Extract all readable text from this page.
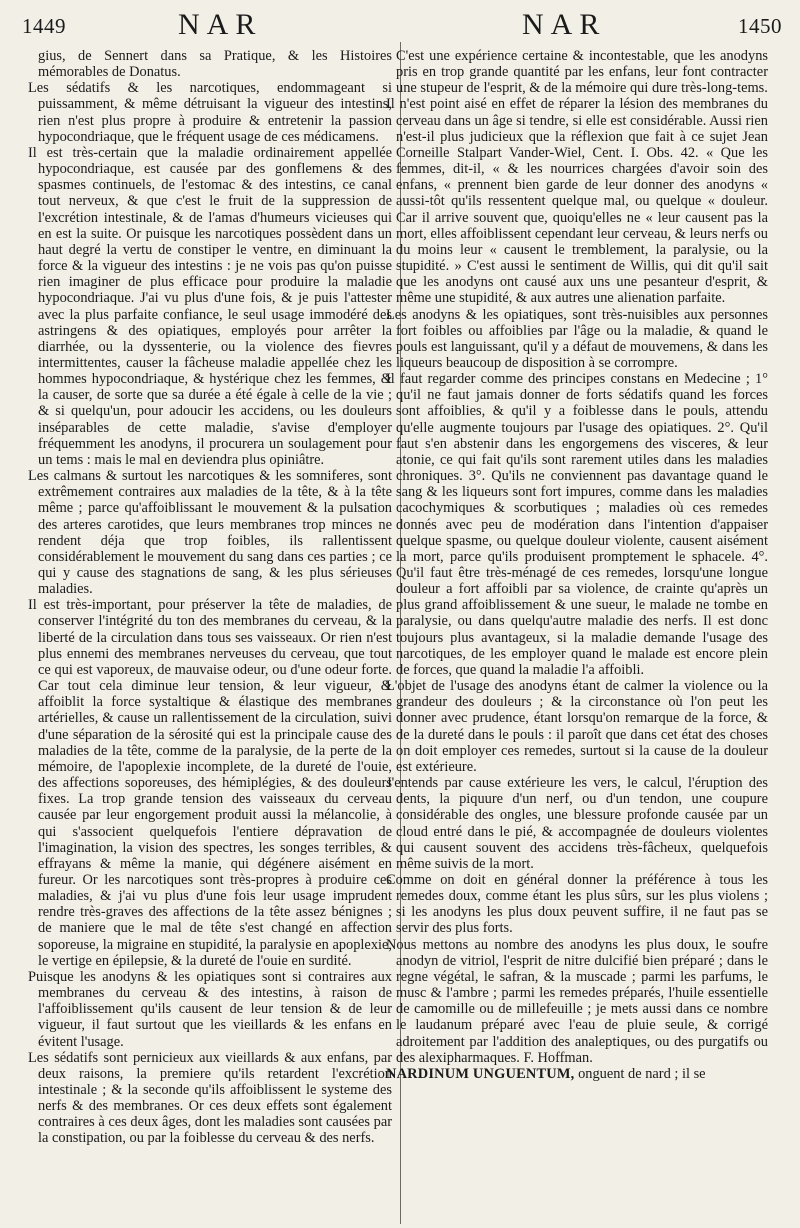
1449	NAR	NAR	1450

gius, de Sennert dans sa Pratique, & les Histoires mémorables de Donatus.

Les sédatifs & les narcotiques, endommageant si puissamment, & même détruisant la vigueur des intestins, rien n'est plus propre à produire & entretenir la passion hypocondriaque, que le fréquent usage de ces médicamens.

Il est très-certain que la maladie ordinairement appellée hypocondriaque, est causée par des gonflemens & des spasmes continuels, de l'estomac & des intestins, ce canal tout nerveux, & que c'est le fruit de la suppression de l'excrétion intestinale, & de l'amas d'humeurs vicieuses qui en est la suite. Or puisque les narcotiques possèdent dans un haut degré la vertu de constiper le ventre, en diminuant la force & la vigueur des intestins : je ne vois pas qu'on puisse rien imaginer de plus efficace pour produire la maladie hypocondriaque. J'ai vu plus d'une fois, & je puis l'attester avec la plus parfaite confiance, le seul usage immodéré des astringens & des opiatiques, employés pour arrêter la diarrhée, ou la dyssenterie, ou la violence des fievres intermittentes, causer la fâcheuse maladie appellée chez les hommes hypocondriaque, & hystérique chez les femmes, & la causer, de sorte que sa durée a été égale à celle de la vie ; & si quelqu'un, pour adoucir les accidens, ou les douleurs inséparables de cette maladie, s'avise d'employer fréquemment les anodyns, il procurera un soulagement pour un tems : mais le mal en deviendra plus opiniâtre.

Les calmans & surtout les narcotiques & les somniferes, sont extrêmement contraires aux maladies de la tête, & à la tête même ; parce qu'affoiblissant le mouvement & la pulsation des arteres carotides, que leurs membranes trop minces ne rendent déja que trop foibles, ils rallentissent considérablement le mouvement du sang dans ces parties ; ce qui y cause des stagnations de sang, & les plus sérieuses maladies.

Il est très-important, pour préserver la tête de maladies, de conserver l'intégrité du ton des membranes du cerveau, & la liberté de la circulation dans tous ses vaisseaux. Or rien n'est plus ennemi des membranes nerveuses du cerveau, que tout ce qui est vaporeux, de mauvaise odeur, ou d'une odeur forte. Car tout cela diminue leur tension, & leur vigueur, & affoiblit la force systaltique & élastique des membranes artérielles, & cause un rallentissement de la circulation, suivi d'une séparation de la sérosité qui est la principale cause des maladies de la tête, comme de la paralysie, de la perte de la mémoire, de l'apoplexie incomplete, de la dureté de l'ouie, des affections soporeuses, des hémiplégies, & des douleurs fixes. La trop grande tension des vaisseaux du cerveau causée par leur engorgement produit aussi la mélancolie, à qui s'associent quelquefois l'entiere dépravation de l'imagination, la vision des spectres, les songes terribles, & effrayans & même la manie, qui dégénere aisément en fureur. Or les narcotiques sont très-propres à produire ces maladies, & j'ai vu plus d'une fois leur usage imprudent rendre très-graves des affections de la tête assez bénignes ; de maniere que le mal de tête s'est changé en affection soporeuse, la migraine en stupidité, la paralysie en apoplexie, le vertige en épilepsie, & la dureté de l'ouie en surdité.

Puisque les anodyns & les opiatiques sont si contraires aux membranes du cerveau & des intestins, à raison de l'affoiblissement qu'ils causent de leur tension & de leur vigueur, il faut surtout que les vieillards & les enfans en évitent l'usage.

Les sédatifs sont pernicieux aux vieillards & aux enfans, par deux raisons, la premiere qu'ils retardent l'excrétion intestinale ; & la seconde qu'ils affoiblissent le systeme des nerfs & des membranes. Or ces deux effets sont également contraires à ces deux âges, dont les maladies sont causées par la constipation, ou par la foiblesse du cerveau & des nerfs.

C'est une expérience certaine & incontestable, que les anodyns pris en trop grande quantité par les enfans, leur font contracter une stupeur de l'esprit, & de la mémoire qui dure très-long-tems.

Il n'est point aisé en effet de réparer la lésion des membranes du cerveau dans un âge si tendre, si elle est considérable. Aussi rien n'est-il plus judicieux que la réflexion que fait à ce sujet Jean Corneille Stalpart Vander-Wiel, Cent. I. Obs. 42. « Que les femmes, dit-il, « & les nourrices chargées d'avoir soin des enfans, « prennent bien garde de leur donner des anodyns « aussi-tôt qu'ils ressentent quelque mal, ou quelque « douleur. Car il arrive souvent que, quoiqu'elles ne « leur causent pas la mort, elles affoiblissent cependant leur cerveau, & leurs nerfs ou du moins leur « causent le tremblement, la paralysie, ou la stupidité. » C'est aussi le sentiment de Willis, qui dit qu'il sait que les anodyns ont causé aux uns une pesanteur d'esprit, & même une stupidité, & aux autres une alienation parfaite.

Les anodyns & les opiatiques, sont très-nuisibles aux personnes fort foibles ou affoiblies par l'âge ou la maladie, & quand le pouls est languissant, qu'il y a défaut de mouvemens, & dans les liqueurs beaucoup de disposition à se corrompre.

Il faut regarder comme des principes constans en Medecine ; 1° qu'il ne faut jamais donner de forts sédatifs quand les forces sont affoiblies, & qu'il y a foiblesse dans le pouls, attendu qu'elle augmente toujours par l'usage des opiatiques. 2°. Qu'il faut s'en abstenir dans les engorgemens des visceres, & leur atonie, ce qui fait qu'ils sont rarement utiles dans les maladies chroniques. 3°. Qu'ils ne conviennent pas davantage quand le sang & les liqueurs sont fort impures, comme dans les maladies cacochymiques & scorbutiques ; maladies où ces remedes donnés avec peu de modération dans l'intention d'appaiser quelque spasme, ou quelque douleur violente, causent aisément la mort, parce qu'ils produisent promptement le sphacele. 4°. Qu'il faut être très-ménagé de ces remedes, lorsqu'une longue douleur a fort affoibli par sa violence, de crainte qu'après un plus grand affoiblissement & une sueur, le malade ne tombe en paralysie, ou dans quelqu'autre maladie des nerfs. Il est donc toujours plus avantageux, si la maladie demande l'usage des narcotiques, de les employer quand le malade est encore plein de forces, que quand la maladie l'a affoibli.

L'objet de l'usage des anodyns étant de calmer la violence ou la grandeur des douleurs ; & la circonstance où l'on peut les donner avec prudence, étant lorsqu'on remarque de la force, & de la dureté dans le pouls : il paroît que dans cet état des choses on doit employer ces remedes, surtout si la cause de la douleur est extérieure.

J'entends par cause extérieure les vers, le calcul, l'éruption des dents, la piquure d'un nerf, ou d'un tendon, une coupure considérable des ongles, une blessure profonde causée par un cloud entré dans le pié, & accompagnée de douleurs violentes qui causent souvent des accidens très-fâcheux, quelquefois même suivis de la mort.

Comme on doit en général donner la préférence à tous les remedes doux, comme étant les plus sûrs, sur les plus violens ; si les anodyns les plus doux peuvent suffire, il ne faut pas se servir des plus forts.

Nous mettons au nombre des anodyns les plus doux, le soufre anodyn de vitriol, l'esprit de nitre dulcifié bien préparé ; dans le regne végétal, le safran, & la muscade ; parmi les parfums, le musc & l'ambre ; parmi les remedes préparés, l'huile essentielle de camomille ou de millefeuille ; je mets aussi dans ce nombre le laudanum préparé avec l'eau de pluie seule, & corrigé adroitement par l'addition des analeptiques, ou des purgatifs ou des alexipharmaques. F. Hoffman.

NARDINUM UNGUENTUM, onguent de nard ; il se
